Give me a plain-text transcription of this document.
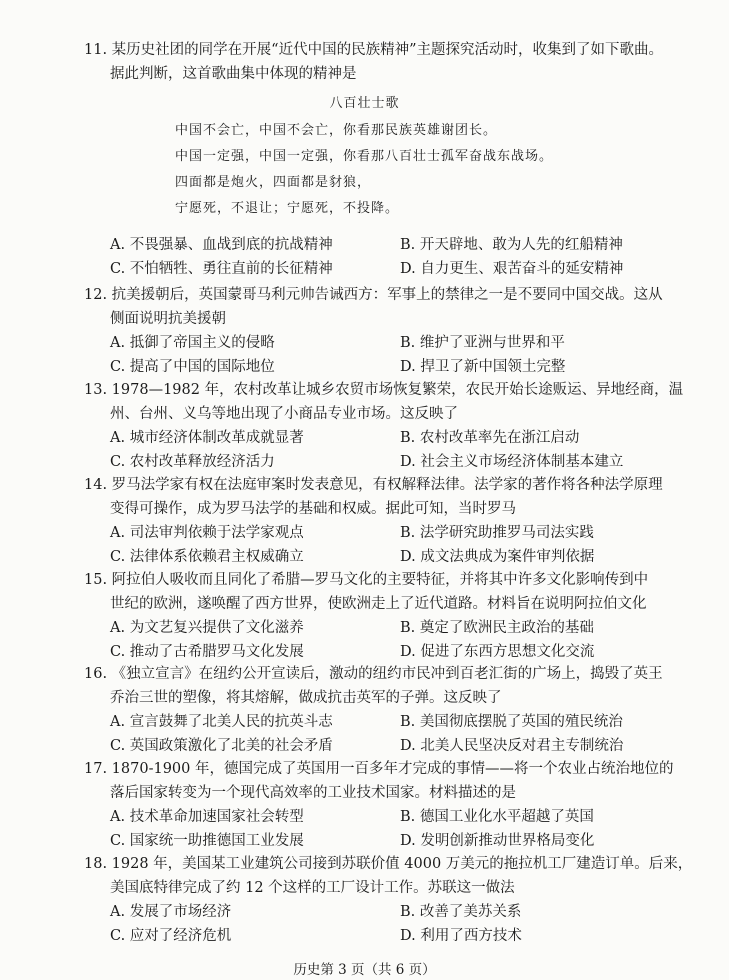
11. 某历史社团的同学在开展“近代中国的民族精神”主题探究活动时，收集到了如下歌曲。
据此判断，这首歌曲集中体现的精神是

八百壮士歌
中国不会亡，中国不会亡，你看那民族英雄谢团长。
中国一定强，中国一定强，你看那八百壮士孤军奋战东战场。
四面都是炮火，四面都是豺狼，
宁愿死，不退让；宁愿死，不投降。
A. 不畏强暴、血战到底的抗战精神	B. 开天辟地、敢为人先的红船精神
C. 不怕牺牲、勇往直前的长征精神	D. 自力更生、艰苦奋斗的延安精神

12. 抗美援朝后，英国蒙哥马利元帅告诫西方：军事上的禁律之一是不要同中国交战。这从
侧面说明抗美援朝

A. 抵御了帝国主义的侵略	B. 维护了亚洲与世界和平
C. 提高了中国的国际地位	D. 捍卫了新中国领土完整

13. 1978—1982 年，农村改革让城乡农贸市场恢复繁荣，农民开始长途贩运、异地经商，温
州、台州、义乌等地出现了小商品专业市场。这反映了

A. 城市经济体制改革成就显著	B. 农村改革率先在浙江启动
C. 农村改革释放经济活力	D. 社会主义市场经济体制基本建立

14. 罗马法学家有权在法庭审案时发表意见，有权解释法律。法学家的著作将各种法学原理
变得可操作，成为罗马法学的基础和权威。据此可知，当时罗马

A. 司法审判依赖于法学家观点	B. 法学研究助推罗马司法实践
C. 法律体系依赖君主权威确立	D. 成文法典成为案件审判依据

15. 阿拉伯人吸收而且同化了希腊—罗马文化的主要特征，并将其中许多文化影响传到中
世纪的欧洲，遂唤醒了西方世界，使欧洲走上了近代道路。材料旨在说明阿拉伯文化

A. 为文艺复兴提供了文化滋养	B. 奠定了欧洲民主政治的基础
C. 推动了古希腊罗马文化发展	D. 促进了东西方思想文化交流

16. 《独立宣言》在纽约公开宣读后，激动的纽约市民冲到百老汇街的广场上，捣毁了英王
乔治三世的塑像，将其熔解，做成抗击英军的子弹。这反映了

A. 宣言鼓舞了北美人民的抗英斗志	B. 美国彻底摆脱了英国的殖民统治
C. 英国政策激化了北美的社会矛盾	D. 北美人民坚决反对君主专制统治

17. 1870-1900 年，德国完成了英国用一百多年才完成的事情——将一个农业占统治地位的
落后国家转变为一个现代高效率的工业技术国家。材料描述的是

A. 技术革命加速国家社会转型	B. 德国工业化水平超越了英国
C. 国家统一助推德国工业发展	D. 发明创新推动世界格局变化

18. 1928 年，美国某工业建筑公司接到苏联价值 4000 万美元的拖拉机工厂建造订单。后来，
美国底特律完成了约 12 个这样的工厂设计工作。苏联这一做法

A. 发展了市场经济	B. 改善了美苏关系
C. 应对了经济危机	D. 利用了西方技术
历史第 3 页（共 6 页）
